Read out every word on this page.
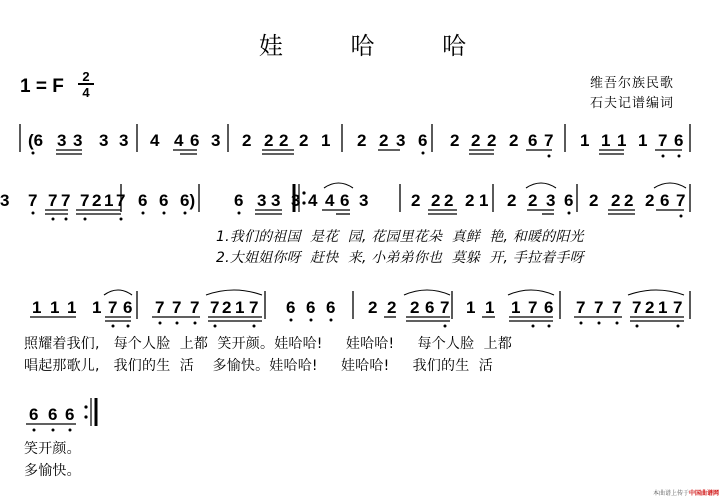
娃 哈 哈
1 = F	2
4
维吾尔族民歌
石夫记谱编词
(6 3 3 3 3 4 4 6 3 2 2 2 2 1 2 2 3 6 2 2 2 2 6 7 1 1 1 1 7 6
7 7 7 7 2 1 7 6 6 6) 6 3 3 3
3	4 4 6 3	2 2 2 2 1 2 2 3 6 2 2 2 2 6 7
1 1 1 1 7 6 7 7 7 7 2 1 7 6 6 6 2 2 2 6 7 1 1 1 7 6 7 7 7 7 2 1 7
6 6 6
1.我们的祖国  是花  园, 花园里花朵  真鲜  艳, 和暖的阳光
2.大姐姐你呀  赶快  来, 小弟弟你也  莫躲  开, 手拉着手呀
照耀着我们,   每个人脸  上都  笑开颜。娃哈哈!     娃哈哈!     每个人脸  上都
唱起那歌儿,   我们的生  活    多愉快。娃哈哈!     娃哈哈!     我们的生  活
笑开颜。
多愉快。
本曲谱上传于中国曲谱网
